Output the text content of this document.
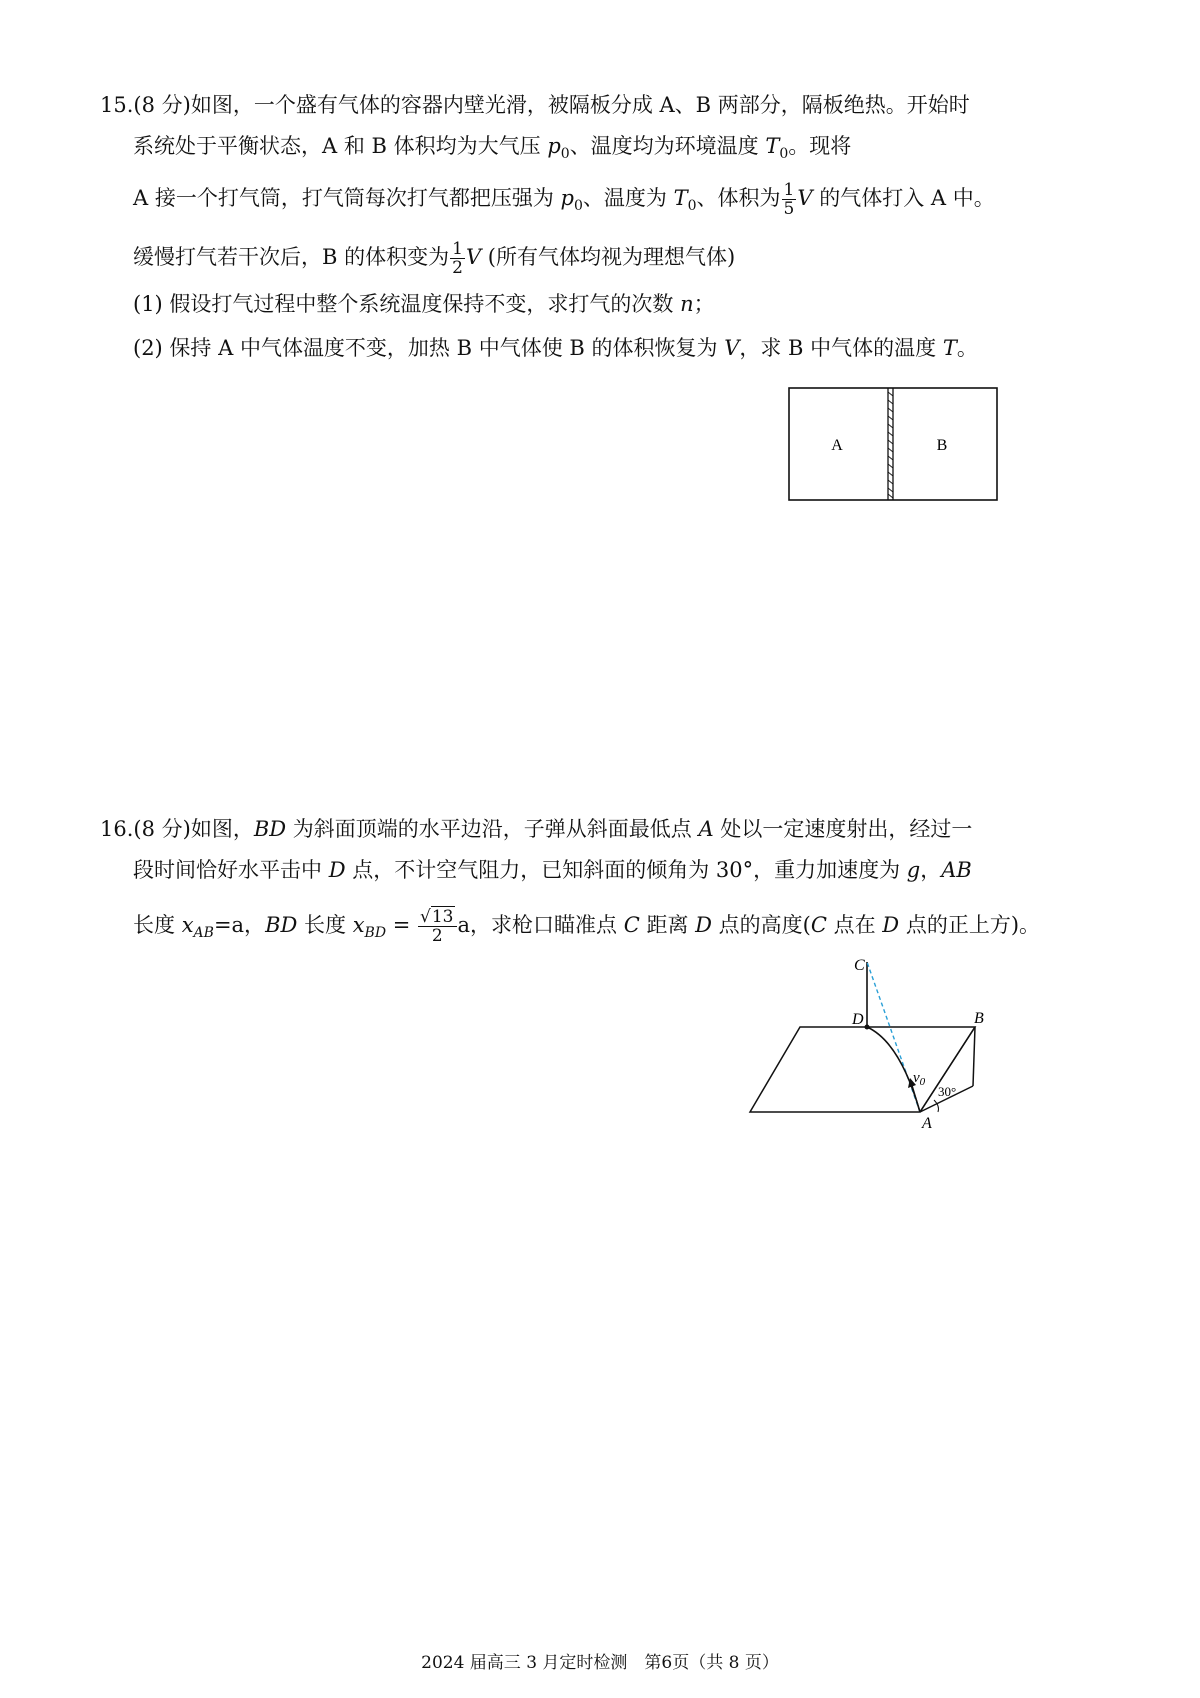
15.(8 分)如图，一个盛有气体的容器内壁光滑，被隔板分成 A、B 两部分，隔板绝热。开始时
系统处于平衡状态，A 和 B 体积均为大气压 $p_0$、温度均为环境温度 $T_0$。现将
A 接一个打气筒，打气筒每次打气都把压强为 $p_0$、温度为 $T_0$、体积为 $\frac{1}{5}$ V 的气体打入 A 中。
缓慢打气若干次后，B 的体积变为 $\frac{1}{2}$ V (所有气体均视为理想气体)
(1) 假设打气过程中整个系统温度保持不变，求打气的次数 n；
(2) 保持 A 中气体温度不变，加热 B 中气体使 B 的体积恢复为 V，求 B 中气体的温度 T。
A	B
16.(8 分)如图，BD 为斜面顶端的水平边沿，子弹从斜面最低点 A 处以一定速度射出，经过一
段时间恰好水平击中 D 点，不计空气阻力，已知斜面的倾角为 30°，重力加速度为 g，AB
长度 $x_{AB}=a$，BD 长度 $x_{BD} = \frac{√13}{2}$ a，求枪口瞄准点 C 距离 D 点的高度(C 点在 D 点的正上方)。
C
D	B
A
$v_0$
30°
2024 届高三 3 月定时检测　第6页（共 8 页）
